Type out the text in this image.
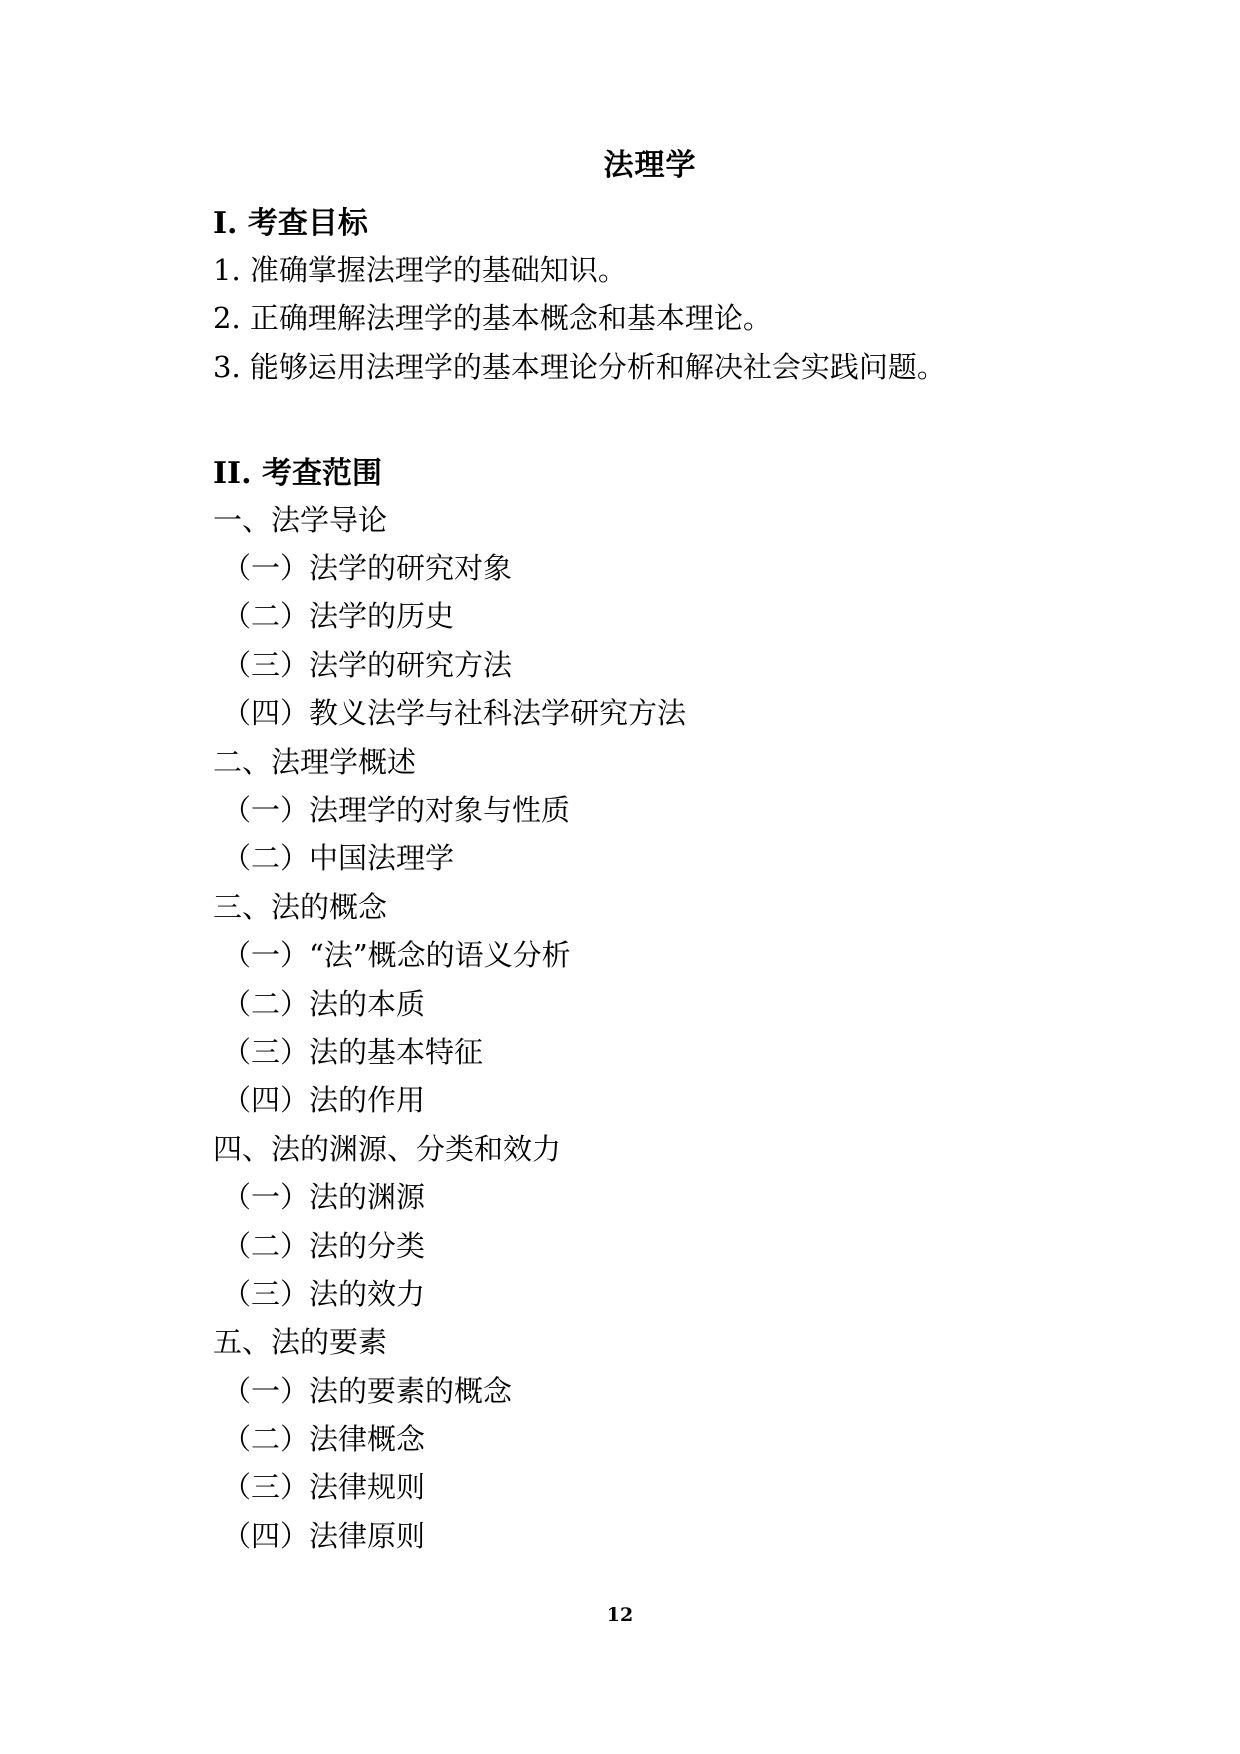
法理学
I. 考查目标
1. 准确掌握法理学的基础知识。
2. 正确理解法理学的基本概念和基本理论。
3. 能够运用法理学的基本理论分析和解决社会实践问题。
II. 考查范围
一、法学导论
（一）法学的研究对象
（二）法学的历史
（三）法学的研究方法
（四）教义法学与社科法学研究方法
二、法理学概述
（一）法理学的对象与性质
（二）中国法理学
三、法的概念
（一）“法”概念的语义分析
（二）法的本质
（三）法的基本特征
（四）法的作用
四、法的渊源、分类和效力
（一）法的渊源
（二）法的分类
（三）法的效力
五、法的要素
（一）法的要素的概念
（二）法律概念
（三）法律规则
（四）法律原则
12
